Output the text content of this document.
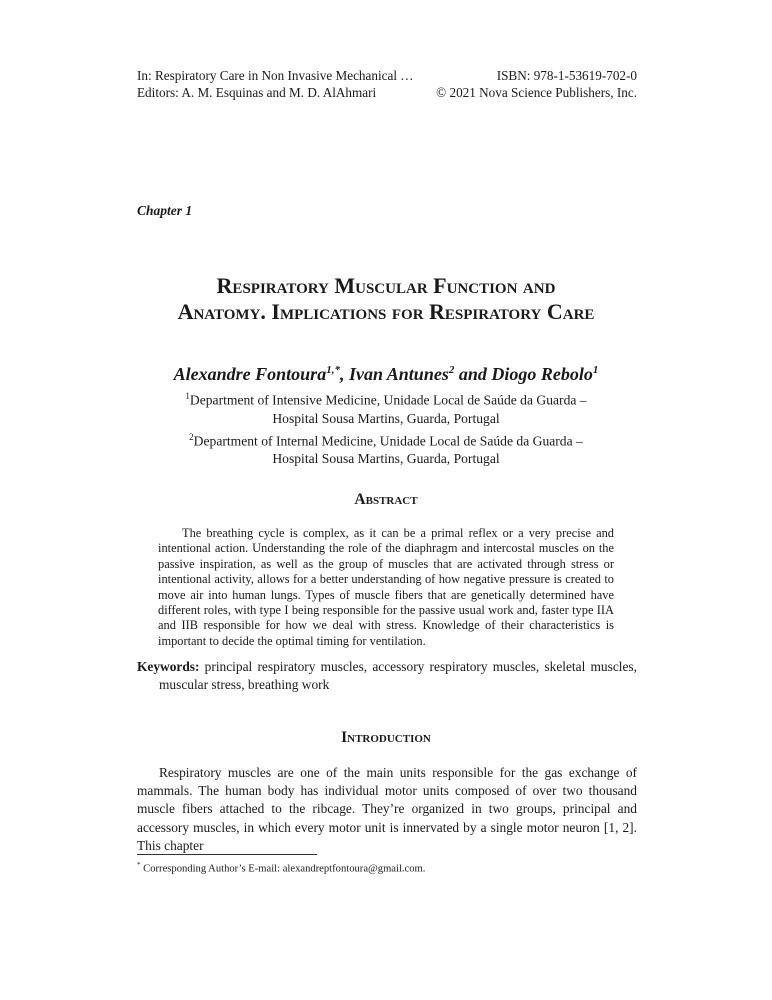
In: Respiratory Care in Non Invasive Mechanical …	ISBN: 978-1-53619-702-0
Editors: A. M. Esquinas and M. D. AlAhmari	© 2021 Nova Science Publishers, Inc.
Chapter 1
Respiratory Muscular Function and
Anatomy. Implications for Respiratory Care
Alexandre Fontoura$^{1,*}$, Ivan Antunes$^2$ and Diogo Rebolo$^1$
$^1$Department of Intensive Medicine, Unidade Local de Saúde da Guarda –
Hospital Sousa Martins, Guarda, Portugal
$^2$Department of Internal Medicine, Unidade Local de Saúde da Guarda –
Hospital Sousa Martins, Guarda, Portugal
Abstract
The breathing cycle is complex, as it can be a primal reflex or a very precise and intentional action. Understanding the role of the diaphragm and intercostal muscles on the passive inspiration, as well as the group of muscles that are activated through stress or intentional activity, allows for a better understanding of how negative pressure is created to move air into human lungs. Types of muscle fibers that are genetically determined have different roles, with type I being responsible for the passive usual work and, faster type IIA and IIB responsible for how we deal with stress. Knowledge of their characteristics is important to decide the optimal timing for ventilation.
Keywords: principal respiratory muscles, accessory respiratory muscles, skeletal muscles, muscular stress, breathing work
Introduction
Respiratory muscles are one of the main units responsible for the gas exchange of mammals. The human body has individual motor units composed of over two thousand muscle fibers attached to the ribcage. They’re organized in two groups, principal and accessory muscles, in which every motor unit is innervated by a single motor neuron [1, 2]. This chapter
* Corresponding Author’s E-mail: alexandreptfontoura@gmail.com.
